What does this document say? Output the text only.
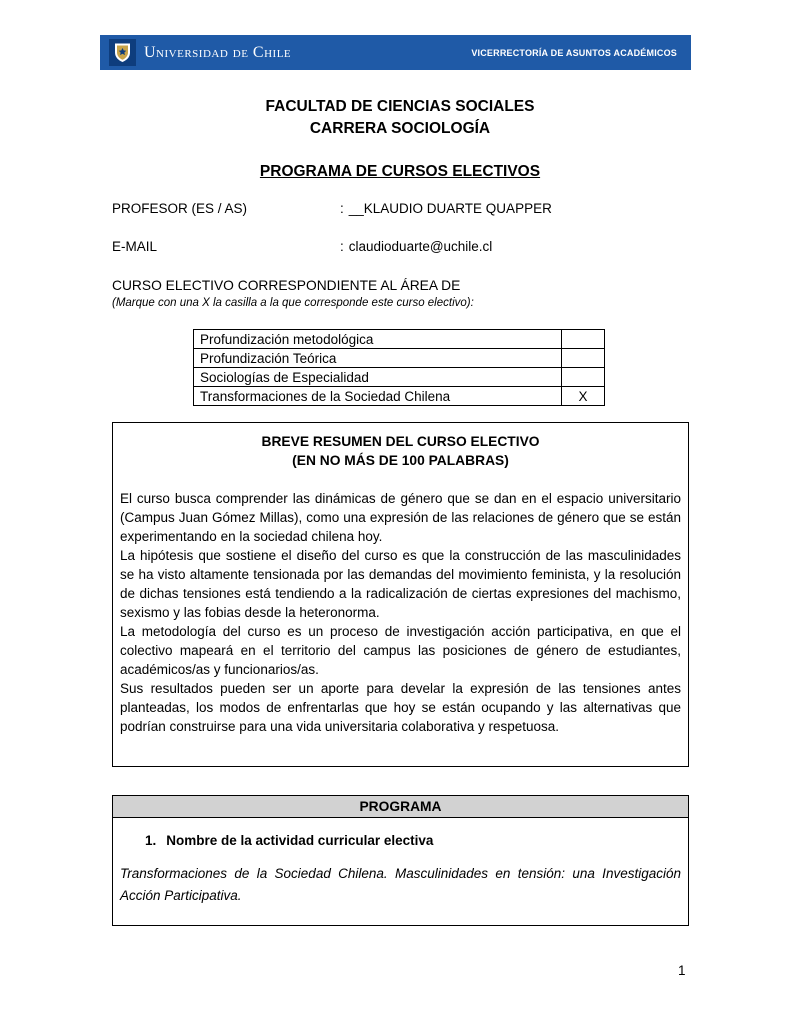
Universidad de Chile	VICERRECTORÍA DE ASUNTOS ACADÉMICOS
FACULTAD DE CIENCIAS SOCIALES
CARRERA SOCIOLOGÍA
PROGRAMA DE CURSOS ELECTIVOS
PROFESOR (ES / AS)	: __KLAUDIO DUARTE QUAPPER
E-MAIL	: claudioduarte@uchile.cl
CURSO ELECTIVO CORRESPONDIENTE AL ÁREA DE
(Marque con una X la casilla a la que corresponde este curso electivo):
Profundización metodológica	
Profundización Teórica	
Sociologías de Especialidad	
Transformaciones de la Sociedad Chilena	X
BREVE RESUMEN DEL CURSO ELECTIVO
(EN NO MÁS DE 100 PALABRAS)

El curso busca comprender las dinámicas de género que se dan en el espacio universitario (Campus Juan Gómez Millas), como una expresión de las relaciones de género que se están experimentando en la sociedad chilena hoy.

La hipótesis que sostiene el diseño del curso es que la construcción de las masculinidades se ha visto altamente tensionada por las demandas del movimiento feminista, y la resolución de dichas tensiones está tendiendo a la radicalización de ciertas expresiones del machismo, sexismo y las fobias desde la heteronorma.

La metodología del curso es un proceso de investigación acción participativa, en que el colectivo mapeará en el territorio del campus las posiciones de género de estudiantes, académicos/as y funcionarios/as.

Sus resultados pueden ser un aporte para develar la expresión de las tensiones antes planteadas, los modos de enfrentarlas que hoy se están ocupando y las alternativas que podrían construirse para una vida universitaria colaborativa y respetuosa.

PROGRAMA
1. Nombre de la actividad curricular electiva
Transformaciones de la Sociedad Chilena. Masculinidades en tensión: una Investigación Acción Participativa.
1
